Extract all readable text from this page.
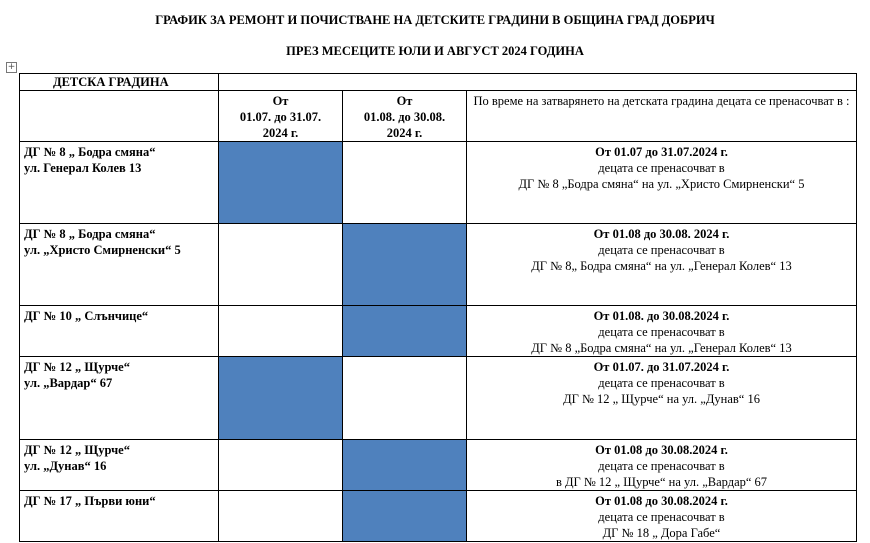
ГРАФИК ЗА РЕМОНТ И ПОЧИСТВАНЕ НА ДЕТСКИТЕ ГРАДИНИ В ОБЩИНА ГРАД ДОБРИЧ
ПРЕЗ МЕСЕЦИТЕ ЮЛИ И АВГУСТ 2024 ГОДИНА
+
ДЕТСКА ГРАДИНА			

	От
01.07. до 31.07.
2024 г.	От
01.08. до 30.08.
2024 г.	По време на затварянето на детската градина децата се пренасочват в :

ДГ № 8 „ Бодра смяна“
ул. Генерал Колев 13			От 01.07 до 31.07.2024 г.
децата се пренасочват в
ДГ № 8 „Бодра смяна“ на ул. „Христо Смирненски“ 5

ДГ № 8 „ Бодра смяна“
ул. „Христо Смирненски“ 5			От 01.08 до 30.08. 2024 г.
децата се пренасочват в
ДГ № 8„ Бодра смяна“ на ул. „Генерал Колев“ 13

ДГ № 10 „ Слънчице“			От 01.08. до 30.08.2024 г.
децата се пренасочват в
ДГ № 8 „Бодра смяна“ на ул. „Генерал Колев“ 13

ДГ № 12 „ Щурче“
ул. „Вардар“ 67			От 01.07. до 31.07.2024 г.
децата се пренасочват в
ДГ № 12 „ Щурче“ на ул. „Дунав“ 16

ДГ № 12 „ Щурче“
ул. „Дунав“ 16			От 01.08 до 30.08.2024 г.
децата се пренасочват в
в ДГ № 12 „ Щурче“ на ул. „Вардар“ 67

ДГ № 17 „ Първи юни“			От 01.08 до 30.08.2024 г.
децата се пренасочват в
ДГ № 18 „ Дора Габе“
